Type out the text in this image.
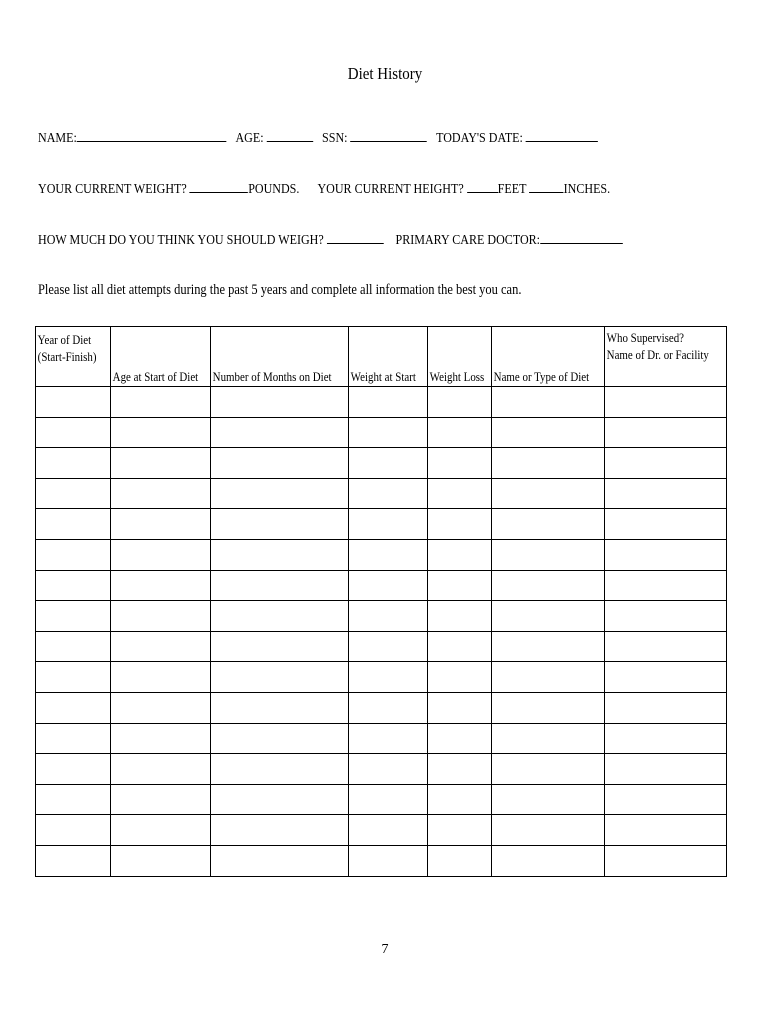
Diet History
NAME:	AGE:	SSN:	TODAY'S DATE:
YOUR CURRENT WEIGHT?	POUNDS. YOUR CURRENT HEIGHT? FEET	INCHES.
HOW MUCH DO YOU THINK YOU SHOULD WEIGH?	PRIMARY CARE DOCTOR:
Please list all diet attempts during the past 5 years and complete all information the best you can.
Year of Diet
(Start-Finish)	Age at Start of Diet	Number of Months on Diet	Weight at Start	Weight Loss	Name or Type of Diet	Who Supervised?
Name of Dr. or Facility

7
